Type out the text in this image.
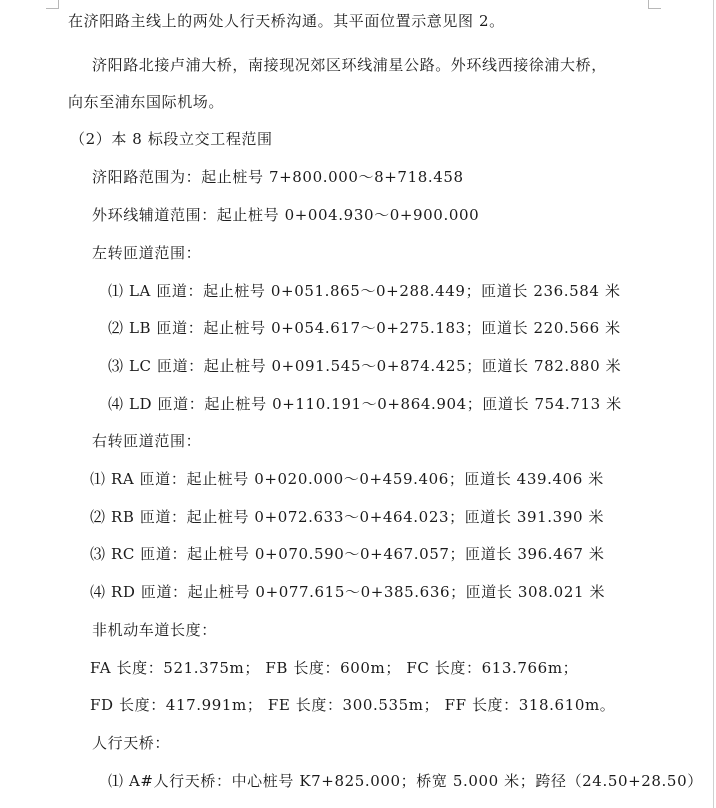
在济阳路主线上的两处人行天桥沟通。其平面位置示意见图 2。
济阳路北接卢浦大桥，南接现况郊区环线浦星公路。外环线西接徐浦大桥，
向东至浦东国际机场。
（2）本 8 标段立交工程范围
济阳路范围为：起止桩号 7+800.000～8+718.458
外环线辅道范围：起止桩号 0+004.930～0+900.000
左转匝道范围：
⑴ LA 匝道：起止桩号 0+051.865～0+288.449；匝道长 236.584 米
⑵ LB 匝道：起止桩号 0+054.617～0+275.183；匝道长 220.566 米
⑶ LC 匝道：起止桩号 0+091.545～0+874.425；匝道长 782.880 米
⑷ LD 匝道：起止桩号 0+110.191～0+864.904；匝道长 754.713 米
右转匝道范围：
⑴ RA 匝道：起止桩号 0+020.000～0+459.406；匝道长 439.406 米
⑵ RB 匝道：起止桩号 0+072.633～0+464.023；匝道长 391.390 米
⑶ RC 匝道：起止桩号 0+070.590～0+467.057；匝道长 396.467 米
⑷ RD 匝道：起止桩号 0+077.615～0+385.636；匝道长 308.021 米
非机动车道长度：
FA 长度：521.375m； FB 长度：600m； FC 长度：613.766m；
FD 长度：417.991m； FE 长度：300.535m； FF 长度：318.610m。
人行天桥：
⑴ A#人行天桥：中心桩号 K7+825.000；桥宽 5.000 米；跨径（24.50+28.50）
